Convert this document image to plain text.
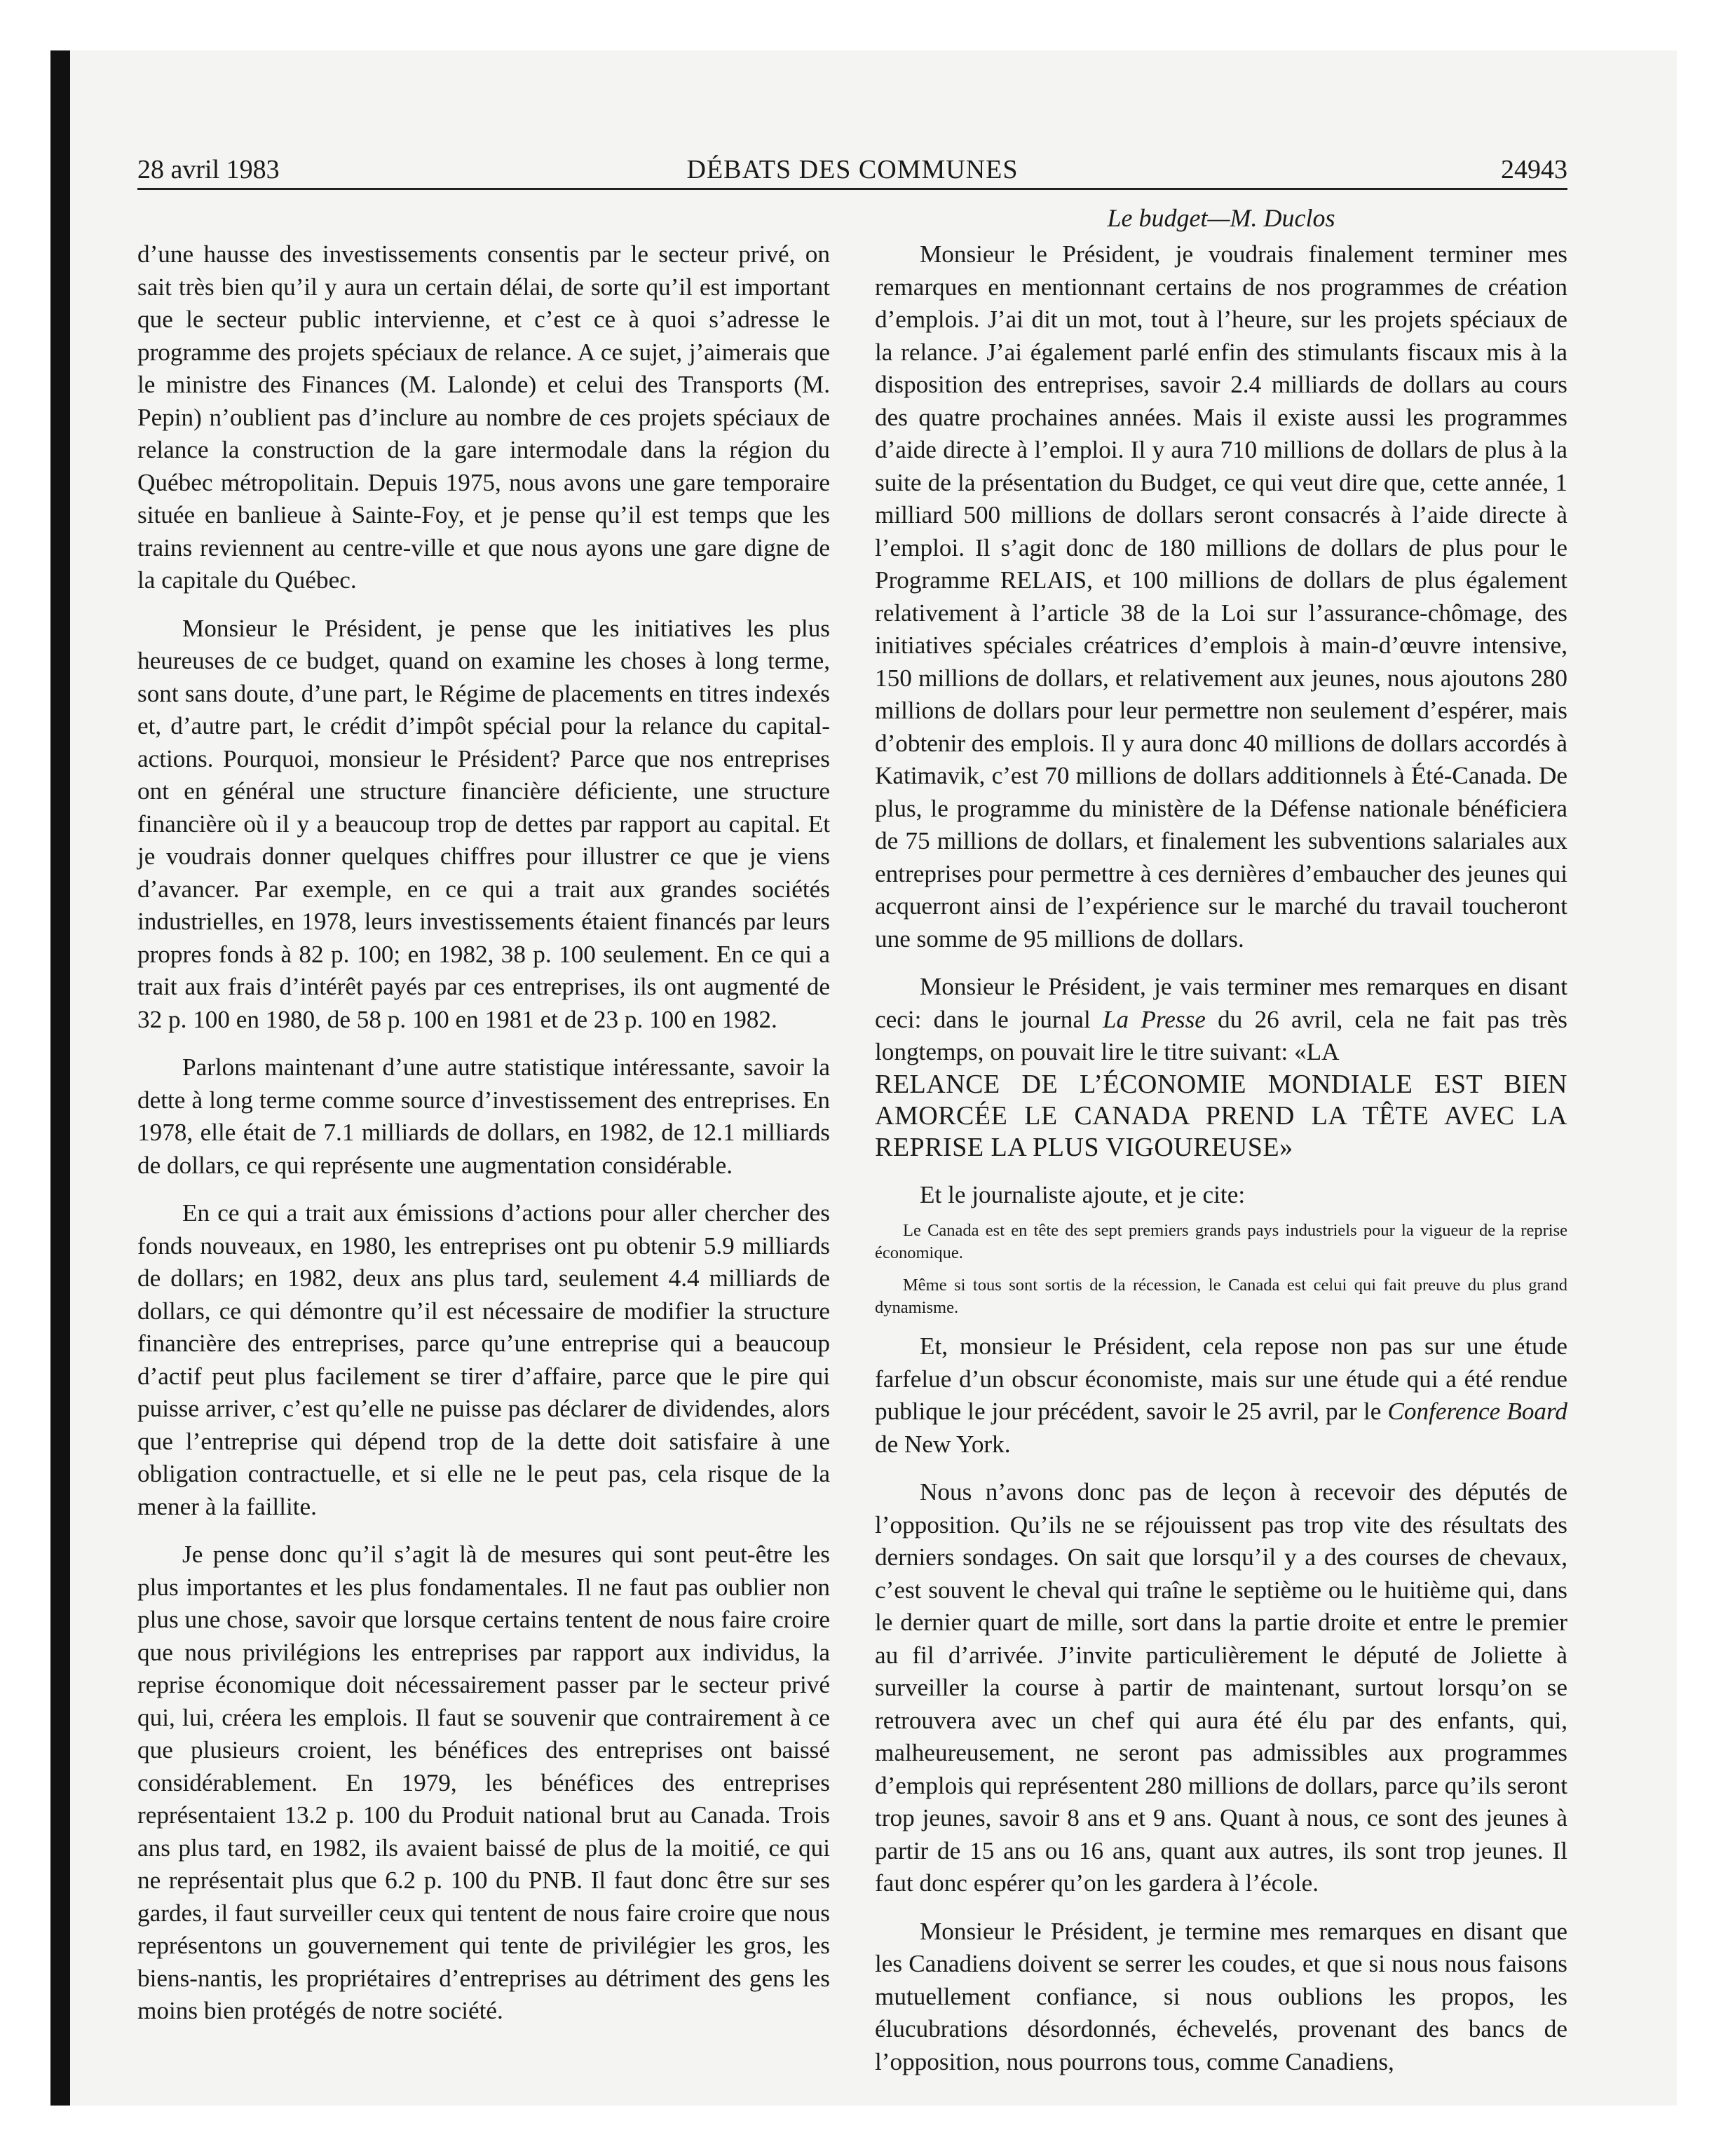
28 avril 1983	DÉBATS DES COMMUNES	24943

d’une hausse des investissements consentis par le secteur privé, on sait très bien qu’il y aura un certain délai, de sorte qu’il est important que le secteur public intervienne, et c’est ce à quoi s’adresse le programme des projets spéciaux de relance. A ce sujet, j’aimerais que le ministre des Finances (M. Lalonde) et celui des Transports (M. Pepin) n’oublient pas d’inclure au nombre de ces projets spéciaux de relance la construction de la gare intermodale dans la région du Québec métropolitain. Depuis 1975, nous avons une gare temporaire située en banlieue à Sainte-Foy, et je pense qu’il est temps que les trains reviennent au centre-ville et que nous ayons une gare digne de la capitale du Québec.

Monsieur le Président, je pense que les initiatives les plus heureuses de ce budget, quand on examine les choses à long terme, sont sans doute, d’une part, le Régime de placements en titres indexés et, d’autre part, le crédit d’impôt spécial pour la relance du capital-actions. Pourquoi, monsieur le Président? Parce que nos entreprises ont en général une structure financière déficiente, une structure financière où il y a beaucoup trop de dettes par rapport au capital. Et je voudrais donner quelques chiffres pour illustrer ce que je viens d’avancer. Par exemple, en ce qui a trait aux grandes sociétés industrielles, en 1978, leurs investissements étaient financés par leurs propres fonds à 82 p. 100; en 1982, 38 p. 100 seulement. En ce qui a trait aux frais d’intérêt payés par ces entreprises, ils ont augmenté de 32 p. 100 en 1980, de 58 p. 100 en 1981 et de 23 p. 100 en 1982.

Parlons maintenant d’une autre statistique intéressante, savoir la dette à long terme comme source d’investissement des entreprises. En 1978, elle était de 7.1 milliards de dollars, en 1982, de 12.1 milliards de dollars, ce qui représente une augmentation considérable.

En ce qui a trait aux émissions d’actions pour aller chercher des fonds nouveaux, en 1980, les entreprises ont pu obtenir 5.9 milliards de dollars; en 1982, deux ans plus tard, seulement 4.4 milliards de dollars, ce qui démontre qu’il est nécessaire de modifier la structure financière des entreprises, parce qu’une entreprise qui a beaucoup d’actif peut plus facilement se tirer d’affaire, parce que le pire qui puisse arriver, c’est qu’elle ne puisse pas déclarer de dividendes, alors que l’entreprise qui dépend trop de la dette doit satisfaire à une obligation contractuelle, et si elle ne le peut pas, cela risque de la mener à la faillite.

Je pense donc qu’il s’agit là de mesures qui sont peut-être les plus importantes et les plus fondamentales. Il ne faut pas oublier non plus une chose, savoir que lorsque certains tentent de nous faire croire que nous privilégions les entreprises par rapport aux individus, la reprise économique doit nécessairement passer par le secteur privé qui, lui, créera les emplois. Il faut se souvenir que contrairement à ce que plusieurs croient, les bénéfices des entreprises ont baissé considérablement. En 1979, les bénéfices des entreprises représentaient 13.2 p. 100 du Produit national brut au Canada. Trois ans plus tard, en 1982, ils avaient baissé de plus de la moitié, ce qui ne représentait plus que 6.2 p. 100 du PNB. Il faut donc être sur ses gardes, il faut surveiller ceux qui tentent de nous faire croire que nous représentons un gouvernement qui tente de privilégier les gros, les biens-nantis, les propriétaires d’entreprises au détriment des gens les moins bien protégés de notre société.

Le budget—M. Duclos

Monsieur le Président, je voudrais finalement terminer mes remarques en mentionnant certains de nos programmes de création d’emplois. J’ai dit un mot, tout à l’heure, sur les projets spéciaux de la relance. J’ai également parlé enfin des stimulants fiscaux mis à la disposition des entreprises, savoir 2.4 milliards de dollars au cours des quatre prochaines années. Mais il existe aussi les programmes d’aide directe à l’emploi. Il y aura 710 millions de dollars de plus à la suite de la présentation du Budget, ce qui veut dire que, cette année, 1 milliard 500 millions de dollars seront consacrés à l’aide directe à l’emploi. Il s’agit donc de 180 millions de dollars de plus pour le Programme RELAIS, et 100 millions de dollars de plus également relativement à l’article 38 de la Loi sur l’assurance-chômage, des initiatives spéciales créatrices d’emplois à main-d’œuvre intensive, 150 millions de dollars, et relativement aux jeunes, nous ajoutons 280 millions de dollars pour leur permettre non seulement d’espérer, mais d’obtenir des emplois. Il y aura donc 40 millions de dollars accordés à Katimavik, c’est 70 millions de dollars additionnels à Été-Canada. De plus, le programme du ministère de la Défense nationale bénéficiera de 75 millions de dollars, et finalement les subventions salariales aux entreprises pour permettre à ces dernières d’embaucher des jeunes qui acquerront ainsi de l’expérience sur le marché du travail toucheront une somme de 95 millions de dollars.

Monsieur le Président, je vais terminer mes remarques en disant ceci: dans le journal La Presse du 26 avril, cela ne fait pas très longtemps, on pouvait lire le titre suivant: «LA

RELANCE DE L’ÉCONOMIE MONDIALE EST BIEN AMORCÉE LE CANADA PREND LA TÊTE AVEC LA REPRISE LA PLUS VIGOUREUSE»

Et le journaliste ajoute, et je cite:

Le Canada est en tête des sept premiers grands pays industriels pour la vigueur de la reprise économique.

Même si tous sont sortis de la récession, le Canada est celui qui fait preuve du plus grand dynamisme.

Et, monsieur le Président, cela repose non pas sur une étude farfelue d’un obscur économiste, mais sur une étude qui a été rendue publique le jour précédent, savoir le 25 avril, par le Conference Board de New York.

Nous n’avons donc pas de leçon à recevoir des députés de l’opposition. Qu’ils ne se réjouissent pas trop vite des résultats des derniers sondages. On sait que lorsqu’il y a des courses de chevaux, c’est souvent le cheval qui traîne le septième ou le huitième qui, dans le dernier quart de mille, sort dans la partie droite et entre le premier au fil d’arrivée. J’invite particulièrement le député de Joliette à surveiller la course à partir de maintenant, surtout lorsqu’on se retrouvera avec un chef qui aura été élu par des enfants, qui, malheureusement, ne seront pas admissibles aux programmes d’emplois qui représentent 280 millions de dollars, parce qu’ils seront trop jeunes, savoir 8 ans et 9 ans. Quant à nous, ce sont des jeunes à partir de 15 ans ou 16 ans, quant aux autres, ils sont trop jeunes. Il faut donc espérer qu’on les gardera à l’école.

Monsieur le Président, je termine mes remarques en disant que les Canadiens doivent se serrer les coudes, et que si nous nous faisons mutuellement confiance, si nous oublions les propos, les élucubrations désordonnés, échevelés, provenant des bancs de l’opposition, nous pourrons tous, comme Canadiens,
